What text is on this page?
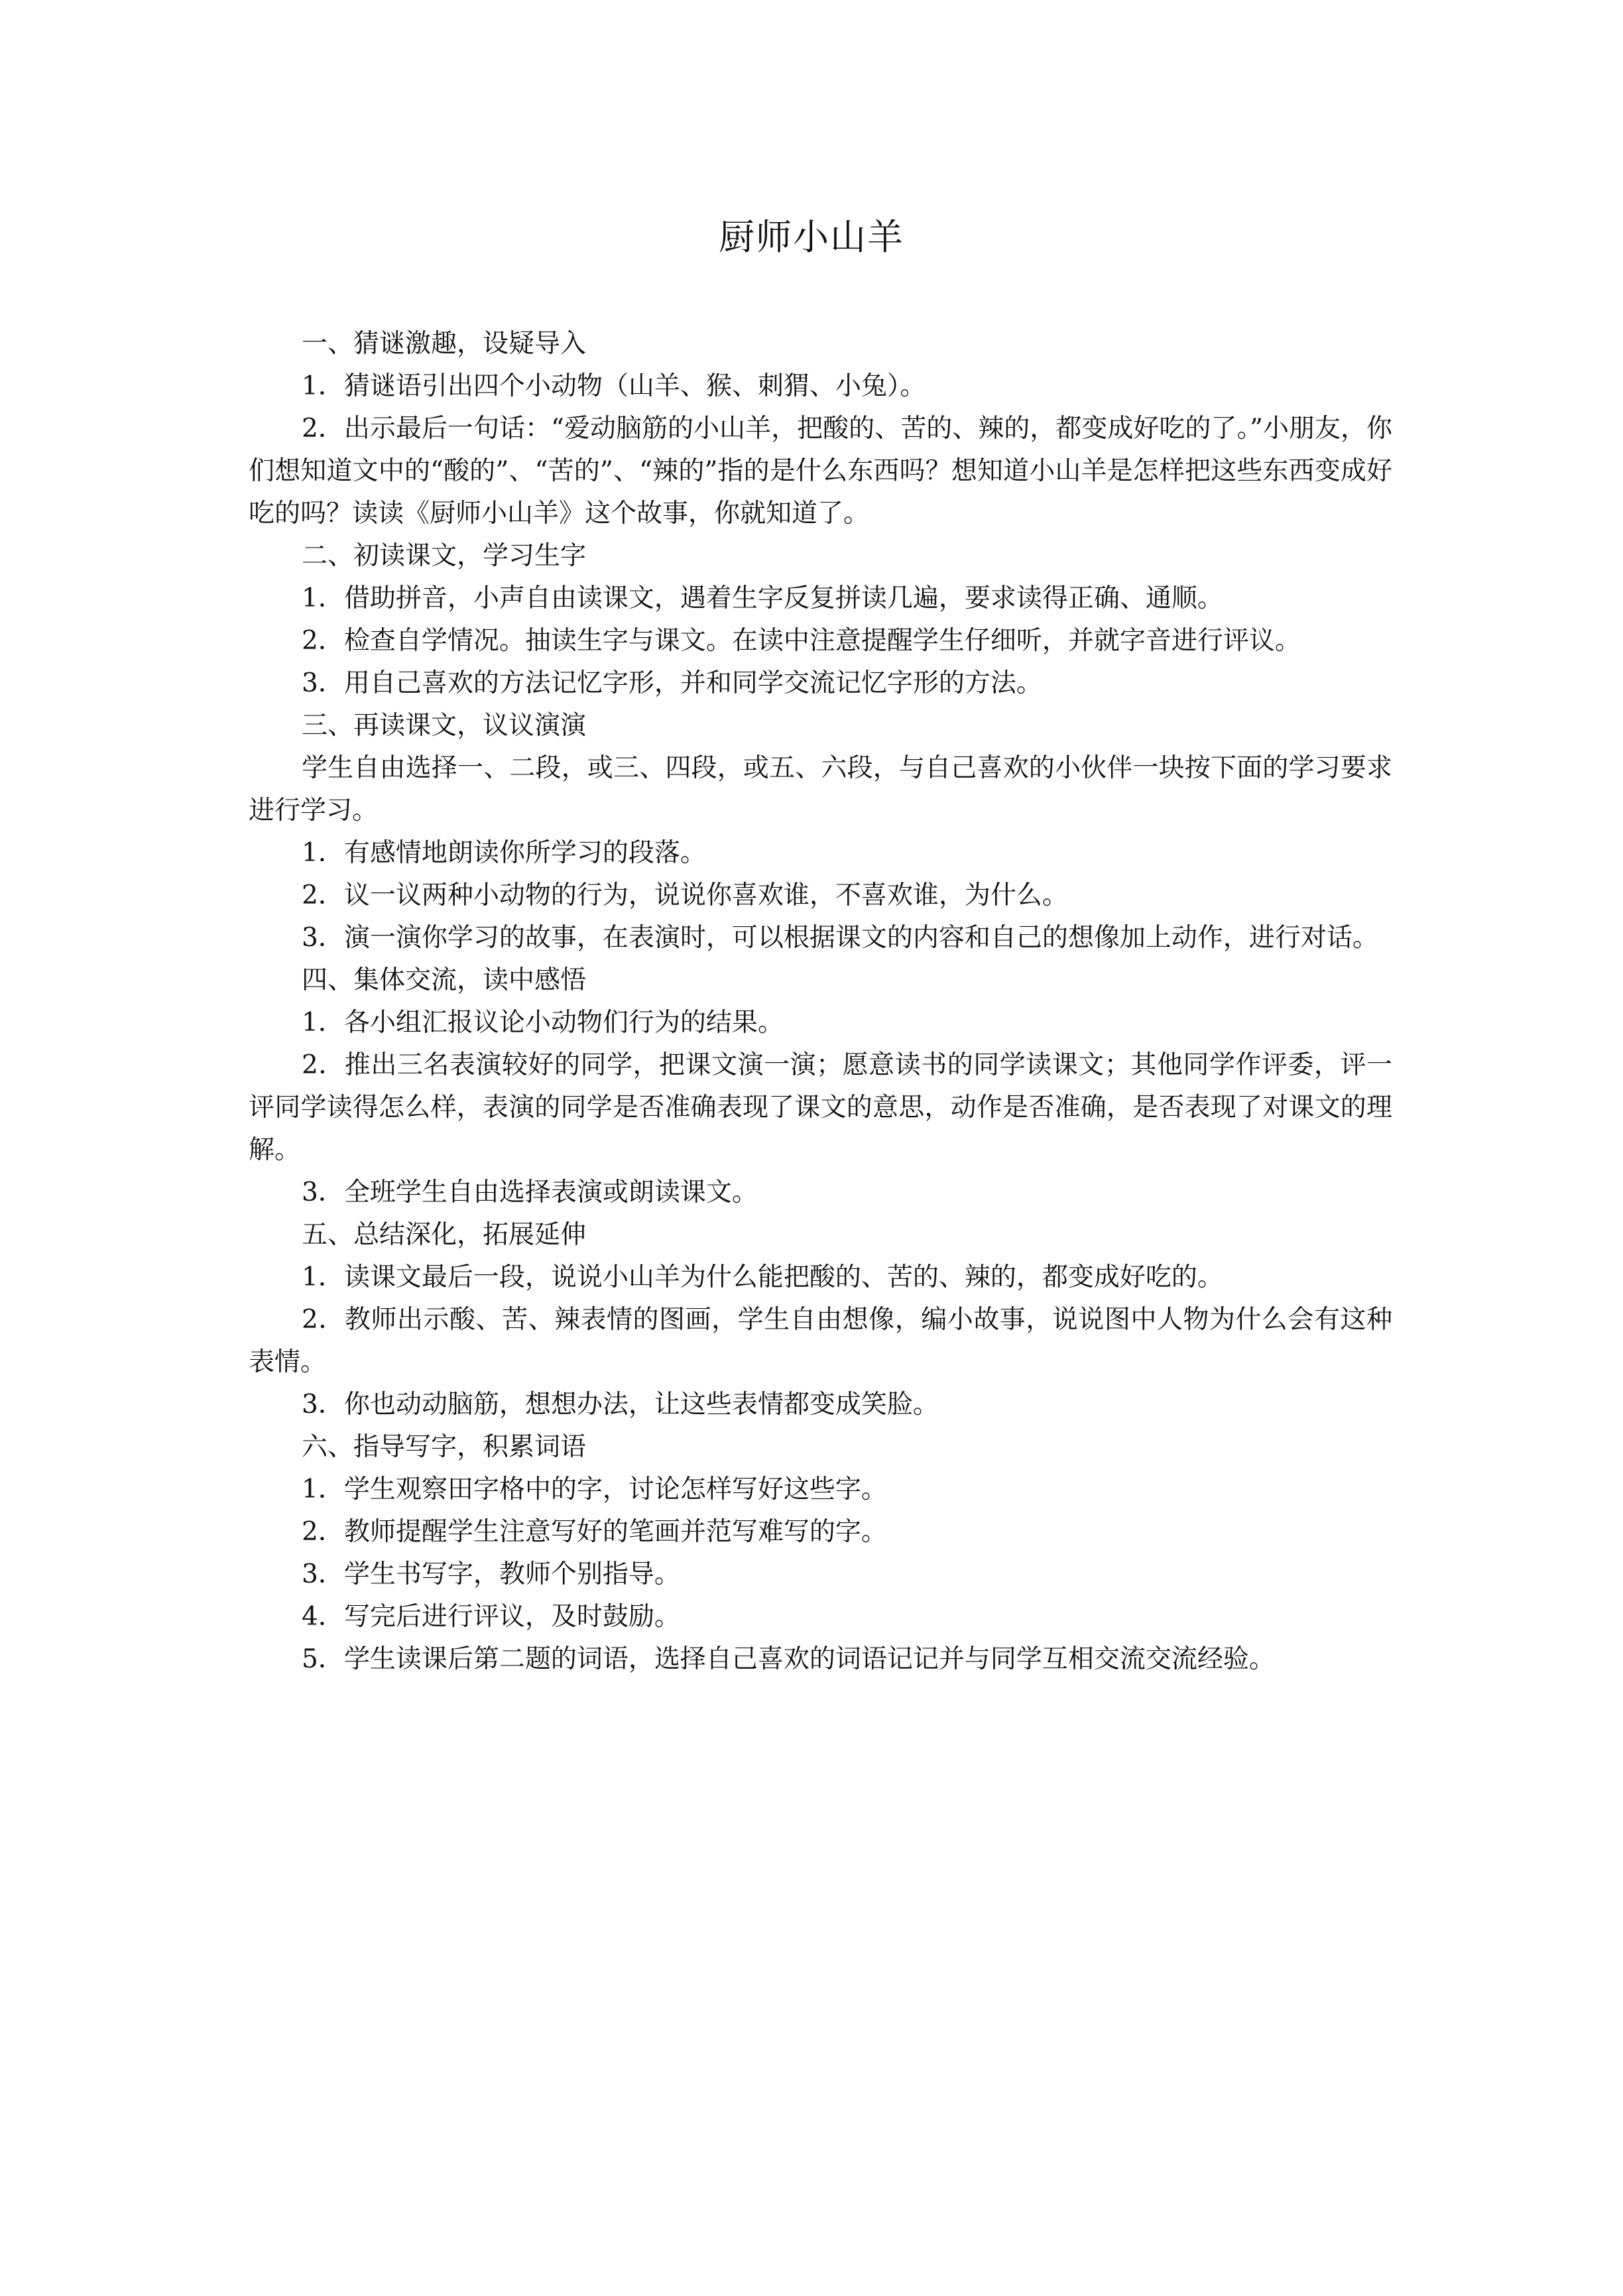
厨师小山羊

一、猜谜激趣，设疑导入

1．猜谜语引出四个小动物（山羊、猴、刺猬、小兔）。

2．出示最后一句话：“爱动脑筋的小山羊，把酸的、苦的、辣的，都变成好吃的了。”小朋友，你们想知道文中的“酸的”、“苦的”、“辣的”指的是什么东西吗？想知道小山羊是怎样把这些东西变成好吃的吗？读读《厨师小山羊》这个故事，你就知道了。

二、初读课文，学习生字

1．借助拼音，小声自由读课文，遇着生字反复拼读几遍，要求读得正确、通顺。

2．检查自学情况。抽读生字与课文。在读中注意提醒学生仔细听，并就字音进行评议。

3．用自己喜欢的方法记忆字形，并和同学交流记忆字形的方法。

三、再读课文，议议演演

学生自由选择一、二段，或三、四段，或五、六段，与自己喜欢的小伙伴一块按下面的学习要求进行学习。

1．有感情地朗读你所学习的段落。

2．议一议两种小动物的行为，说说你喜欢谁，不喜欢谁，为什么。

3．演一演你学习的故事，在表演时，可以根据课文的内容和自己的想像加上动作，进行对话。

四、集体交流，读中感悟

1．各小组汇报议论小动物们行为的结果。

2．推出三名表演较好的同学，把课文演一演；愿意读书的同学读课文；其他同学作评委，评一评同学读得怎么样，表演的同学是否准确表现了课文的意思，动作是否准确，是否表现了对课文的理解。

3．全班学生自由选择表演或朗读课文。

五、总结深化，拓展延伸

1．读课文最后一段，说说小山羊为什么能把酸的、苦的、辣的，都变成好吃的。

2．教师出示酸、苦、辣表情的图画，学生自由想像，编小故事，说说图中人物为什么会有这种表情。

3．你也动动脑筋，想想办法，让这些表情都变成笑脸。

六、指导写字，积累词语

1．学生观察田字格中的字，讨论怎样写好这些字。

2．教师提醒学生注意写好的笔画并范写难写的字。

3．学生书写字，教师个别指导。

4．写完后进行评议，及时鼓励。

5．学生读课后第二题的词语，选择自己喜欢的词语记记并与同学互相交流交流经验。
